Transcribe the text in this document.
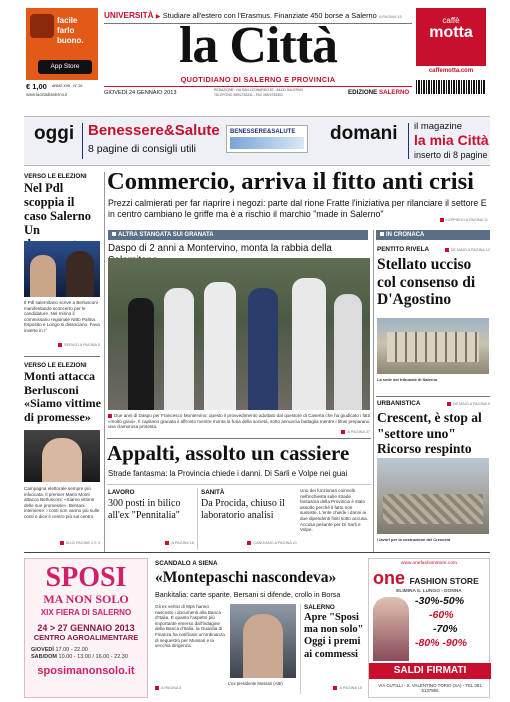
facile
farlo
buono.
App Store
UNIVERSITÀ ▶ Studiare all'estero con l'Erasmus. Finanziate 450 borse a Salerno A PAGINA 15
la Città
QUOTIDIANO DI SALERNO E PROVINCIA
€ 1,00 ANNO XVII - N° 20
www.lacittadisalerno.it	GIOVEDÌ 24 GENNAIO 2013	REDAZIONE: VIA SAN LEONARDO 52 - 84131 SALERNO
TELEFONO 089/2783311 - FAX 089/2783302	EDIZIONE SALERNO
caffè
motta
caffemotta.com
oggi Benessere&Salute
8 pagine di consigli utili
BENESSERE&SALUTE	domani il magazine
la mia Città
inserto di 8 pagine
VERSO LE ELEZIONI
Nel Pdl scoppia il caso Salerno Un
Il Pdl salernitano scrive a Berlusconi manifestando sconcerto per le candidature. Nel mirino il commissario regionale Nitto Palma. Esposito e Longo si dissociano. Fava inverte in I°
SERVIZI A PAGINA 5
VERSO LE ELEZIONI
Monti attacca Berlusconi «Siamo vittime di promesse»
Campagna elettorale sempre più infuocata. Il premier Mario Monti attacca Berlusconi: «Siamo vittime delle sue promesse». Bersani interviene: i conti non vanno più sulle conti e dice il centro più sul centro.
ALLE PAGINE 2 E 3
Commercio, arriva il fitto anti crisi
Prezzi calmierati per far riaprire i negozi: parte dal rione Fratte l'iniziativa per rilanciare il settore E in centro cambiano le griffe ma è a rischio il marchio "made in Salerno"
LOPPIEDO A PAGINA 11
ALTRA STANGATA SUI GRANATA
Daspo di 2 anni a Montervino, monta la rabbia della
Due anni di Daspo per Francesco Montervino: questo il provvedimento adottato dal questore di Caserta che ha giudicato i fatti «molto gravi». Il capitano granata il affronto mentre monta la furia della società, sotto annuncia battaglia mentre i tifosi preparano una clamorosa protesta.
A PAGINA 37
Appalti, assolto un cassiere
Strade fantasma: la Provincia chiede i danni. Di Sarli e Volpe nei guai
LAVORO
300 posti in bilico all'ex "Pennitalia"
A PAGINA 18
SANITÀ
Da Procida, chiuso il laboratorio analisi
CANGIANO A PAGINA 21
Uno dei funzionari coinvolti nell'inchiesta sulle strade fantasma della Provincia è stato assolto perché il fatto non sussiste. L'ente chiede i danni ai due dipendenti finiti sotto accusa. Accusa pesante per Di Sarli e Volpe.
IN CRONACA
PENTITO RIVELA	DE MAIO A PAGINA 12
Stellato ucciso col consenso di D'Agostino
La sede del tribunale di Salerno
URBANISTICA	DE MAIO A PAGINA 9
Crescent, è stop al "settore uno" Ricorso respinto
I lavori per la costruzione del Crescent
SPOSI
MA NON SOLO
XIX FIERA DI SALERNO
24 > 27 GENNAIO 2013
CENTRO AGROALIMENTARE
GIOVEDÌ 17.00 - 22.00
SAB/DOM 10.00 - 13.00 / 16.00 - 22.30
sposimanonsolo.it
SCANDALO A SIENA
«Montepaschi nascondeva»
Bankitalia: carte sparite. Bersani si difende, crollo in Borsa
Gli ex vertici di Mps hanno nascosto i documenti alla Banca d'Italia. È quanto l'aspetto più importante emerso dall'indagine della Banca d'Italia, la Guardia di Finanza ha notificato un'ordinanza di sequestro per Mussari e la vecchia dirigenza.
L'ex presidente Mussari (ABI)
A PAGINA 8
SALERNO
Apre "Sposi ma non solo" Oggi i premi ai commessi
A PAGINA 15
www.onefashionstore.com
one FASHION STORE
ELIMINA IL LUNGO - DONNA
-30%-50%
-60%
-70%
-80% -90%
SALDI FIRMATI
VIA CUTILLI - S. VALENTINO TORIO (SA) - TEL 081 5137855
